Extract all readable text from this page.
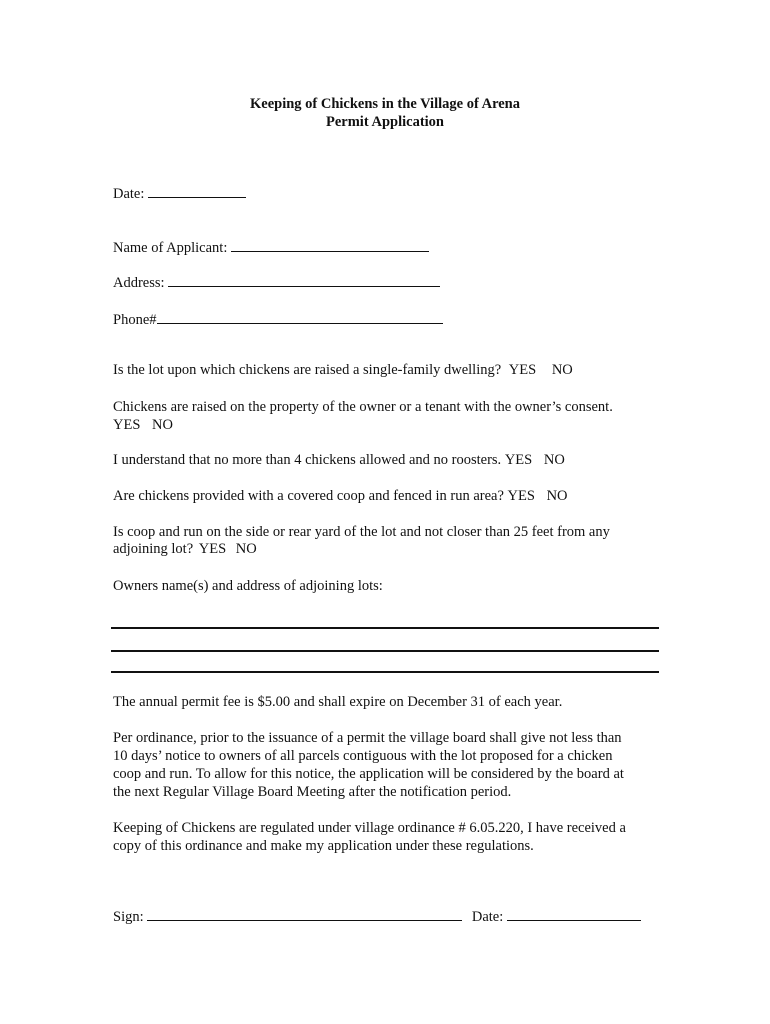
Keeping of Chickens in the Village of Arena
Permit Application
Date:
Name of Applicant:
Address:
Phone#
Is the lot upon which chickens are raised a single-family dwelling? YES NO
Chickens are raised on the property of the owner or a tenant with the owner’s consent.
YES NO
I understand that no more than 4 chickens allowed and no roosters. YES NO
Are chickens provided with a covered coop and fenced in run area? YES NO
Is coop and run on the side or rear yard of the lot and not closer than 25 feet from any
adjoining lot? YES NO
Owners name(s) and address of adjoining lots:
The annual permit fee is $5.00 and shall expire on December 31 of each year.
Per ordinance, prior to the issuance of a permit the village board shall give not less than
10 days’ notice to owners of all parcels contiguous with the lot proposed for a chicken
coop and run. To allow for this notice, the application will be considered by the board at
the next Regular Village Board Meeting after the notification period.
Keeping of Chickens are regulated under village ordinance # 6.05.220, I have received a
copy of this ordinance and make my application under these regulations.
Sign:	Date:
